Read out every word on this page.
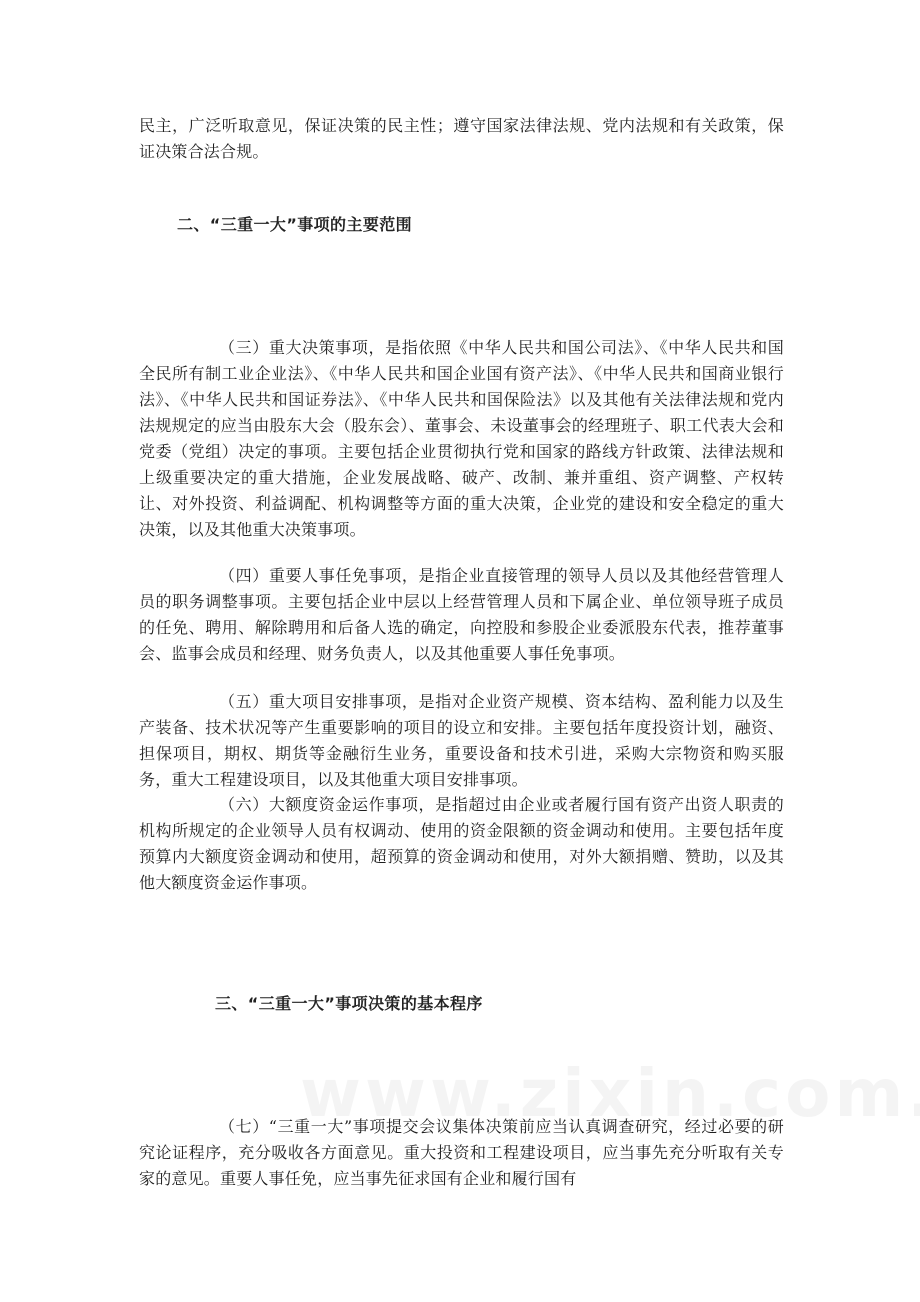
民主，广泛听取意见，保证决策的民主性；遵守国家法律法规、党内法规和有关政策，保证决策合法合规。

二、“三重一大”事项的主要范围

（三）重大决策事项，是指依照《中华人民共和国公司法》、《中华人民共和国全民所有制工业企业法》、《中华人民共和国企业国有资产法》、《中华人民共和国商业银行法》、《中华人民共和国证券法》、《中华人民共和国保险法》以及其他有关法律法规和党内法规规定的应当由股东大会（股东会）、董事会、未设董事会的经理班子、职工代表大会和党委（党组）决定的事项。主要包括企业贯彻执行党和国家的路线方针政策、法律法规和上级重要决定的重大措施，企业发展战略、破产、改制、兼并重组、资产调整、产权转让、对外投资、利益调配、机构调整等方面的重大决策，企业党的建设和安全稳定的重大决策，以及其他重大决策事项。

（四）重要人事任免事项，是指企业直接管理的领导人员以及其他经营管理人员的职务调整事项。主要包括企业中层以上经营管理人员和下属企业、单位领导班子成员的任免、聘用、解除聘用和后备人选的确定，向控股和参股企业委派股东代表，推荐董事会、监事会成员和经理、财务负责人，以及其他重要人事任免事项。

（五）重大项目安排事项，是指对企业资产规模、资本结构、盈利能力以及生产装备、技术状况等产生重要影响的项目的设立和安排。主要包括年度投资计划，融资、担保项目，期权、期货等金融衍生业务，重要设备和技术引进，采购大宗物资和购买服务，重大工程建设项目，以及其他重大项目安排事项。

（六）大额度资金运作事项，是指超过由企业或者履行国有资产出资人职责的机构所规定的企业领导人员有权调动、使用的资金限额的资金调动和使用。主要包括年度预算内大额度资金调动和使用，超预算的资金调动和使用，对外大额捐赠、赞助，以及其他大额度资金运作事项。

三、“三重一大”事项决策的基本程序

（七）“三重一大”事项提交会议集体决策前应当认真调查研究，经过必要的研究论证程序，充分吸收各方面意见。重大投资和工程建设项目，应当事先充分听取有关专家的意见。重要人事任免，应当事先征求国有企业和履行国有
